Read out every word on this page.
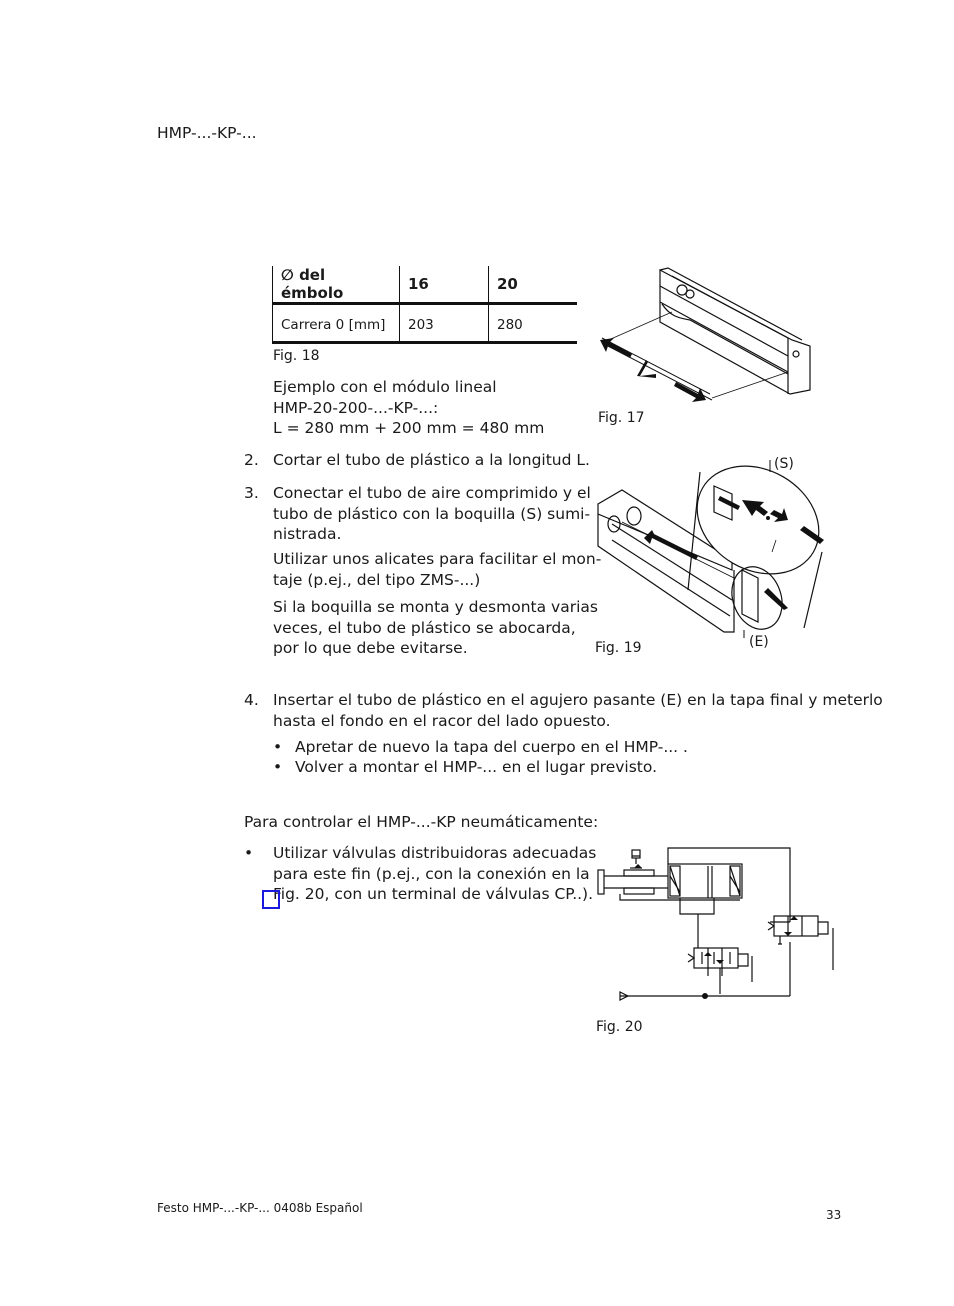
HMP-...-KP-...
∅ del émbolo	16	20
Carrera 0 [mm]	203	280
Fig. 18
Ejemplo con el módulo lineal
HMP-20-200-...-KP-...:
L = 280 mm + 200 mm = 480 mm
2. Cortar el tubo de plástico a la longitud L.
3. Conectar el tubo de aire comprimido y el
tubo de plástico con la boquilla (S) sumi-
nistrada.
Utilizar unos alicates para facilitar el mon-
taje (p.ej., del tipo ZMS-...)
Si la boquilla se monta y desmonta varias
veces, el tubo de plástico se abocarda,
por lo que debe evitarse.
Fig. 17
(S)
(E)
Fig. 19
4. Insertar el tubo de plástico en el agujero pasante (E) en la tapa final y meterlo
hasta el fondo en el racor del lado opuesto.
• Apretar de nuevo la tapa del cuerpo en el HMP-... .
• Volver a montar el HMP-... en el lugar previsto.
Para controlar el HMP-...-KP neumáticamente:
• Utilizar válvulas distribuidoras adecuadas
para este fin (p.ej., con la conexión en la
Fig. 20, con un terminal de válvulas CP..).
Fig. 20
Festo HMP-...-KP-... 0408b Español	33
